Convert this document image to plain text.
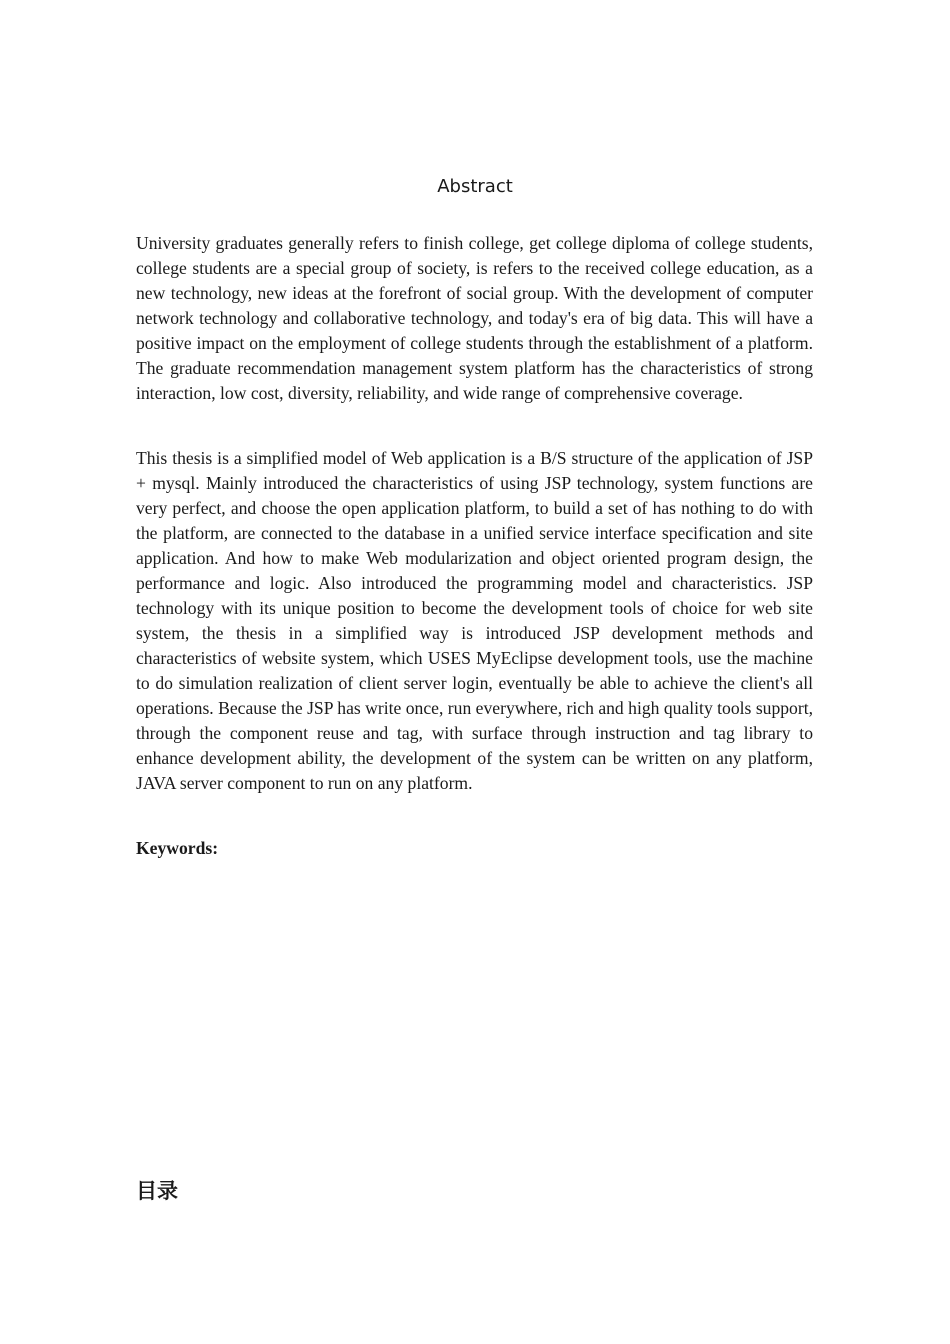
Abstract

University graduates generally refers to finish college, get college diploma of college students, college students are a special group of society, is refers to the received college education, as a new technology, new ideas at the forefront of social group. With the development of computer network technology and collaborative technology, and today's era of big data. This will have a positive impact on the employment of college students through the establishment of a platform. The graduate recommendation management system platform has the characteristics of strong interaction, low cost, diversity, reliability, and wide range of comprehensive coverage.

This thesis is a simplified model of Web application is a B/S structure of the application of JSP + mysql. Mainly introduced the characteristics of using JSP technology, system functions are very perfect, and choose the open application platform, to build a set of has nothing to do with the platform, are connected to the database in a unified service interface specification and site application. And how to make Web modularization and object oriented program design, the performance and logic. Also introduced the programming model and characteristics. JSP technology with its unique position to become the development tools of choice for web site system, the thesis in a simplified way is introduced JSP development methods and characteristics of website system, which USES MyEclipse development tools, use the machine to do simulation realization of client server login, eventually be able to achieve the client's all operations. Because the JSP has write once, run everywhere, rich and high quality tools support, through the component reuse and tag, with surface through instruction and tag library to enhance development ability, the development of the system can be written on any platform, JAVA server component to run on any platform.

Keywords:

目录
